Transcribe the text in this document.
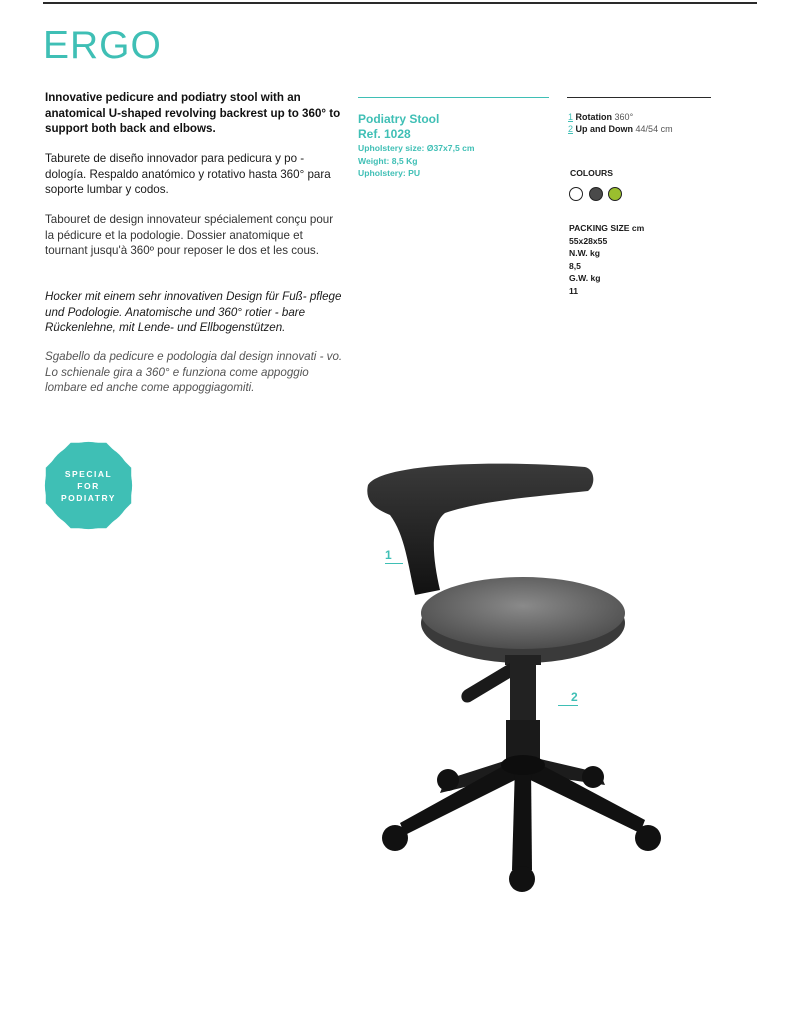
ERGO

Innovative pedicure and podiatry stool with an anatomical U-shaped revolving backrest up to 360° to support both back and elbows.

Taburete de diseño innovador para pedicura y po - dología. Respaldo anatómico y rotativo hasta 360° para soporte lumbar y codos.

Tabouret de design innovateur spécialement conçu pour la pédicure et la podologie. Dossier anatomique et tournant jusqu'à 360º pour reposer le dos et les cous.

Hocker mit einem sehr innovativen Design für Fuß- pflege und Podologie. Anatomische und 360° rotier - bare Rückenlehne, mit Lende- und Ellbogenstützen.

Sgabello da pedicure e podologia dal design innovati - vo. Lo schienale gira a 360° e funziona come appoggio lombare ed anche come appoggiagomiti.

Podiatry Stool
Ref. 1028
Upholstery size: Ø37x7,5 cm
Weight: 8,5 Kg
Upholstery: PU
1 Rotation 360°
2 Up and Down 44/54 cm
COLOURS
PACKING SIZE cm
55x28x55
N.W. kg
8,5
G.W. kg
11
SPECIAL
FOR
PODIATRY
1
2
